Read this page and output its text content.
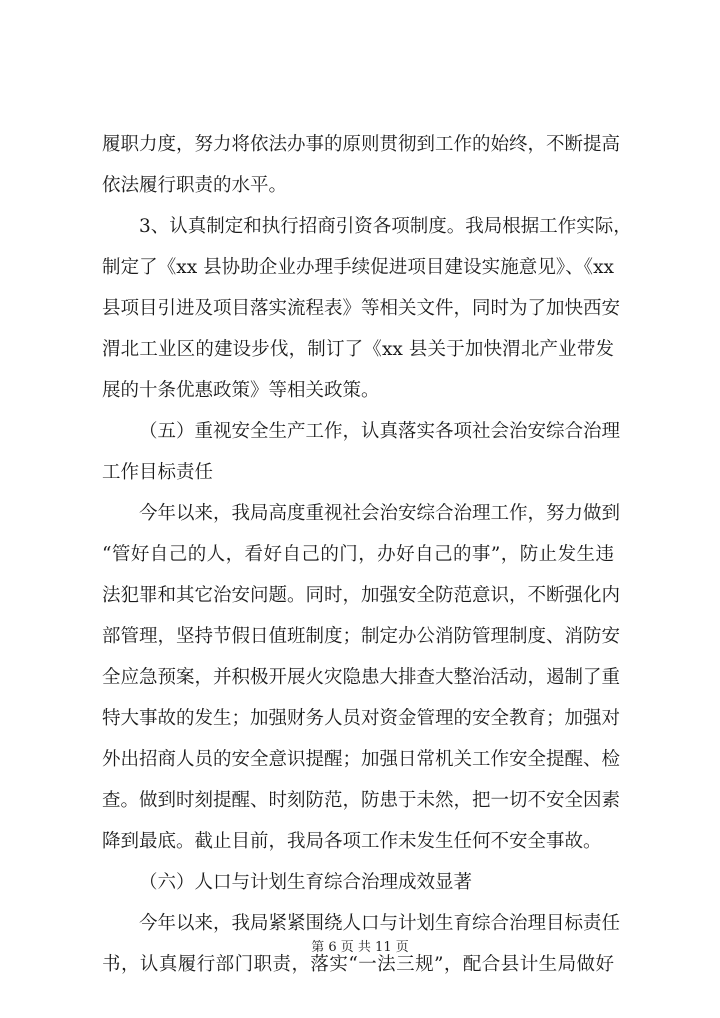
履职力度，努力将依法办事的原则贯彻到工作的始终，不断提高
依法履行职责的水平。
3、认真制定和执行招商引资各项制度。我局根据工作实际，
制定了《xx 县协助企业办理手续促进项目建设实施意见》、《xx
县项目引进及项目落实流程表》等相关文件，同时为了加快西安
渭北工业区的建设步伐，制订了《xx 县关于加快渭北产业带发
展的十条优惠政策》等相关政策。
（五）重视安全生产工作，认真落实各项社会治安综合治理
工作目标责任
今年以来，我局高度重视社会治安综合治理工作，努力做到
“管好自己的人，看好自己的门，办好自己的事”，防止发生违
法犯罪和其它治安问题。同时，加强安全防范意识，不断强化内
部管理，坚持节假日值班制度；制定办公消防管理制度、消防安
全应急预案，并积极开展火灾隐患大排查大整治活动，遏制了重
特大事故的发生；加强财务人员对资金管理的安全教育；加强对
外出招商人员的安全意识提醒；加强日常机关工作安全提醒、检
查。做到时刻提醒、时刻防范，防患于未然，把一切不安全因素
降到最底。截止目前，我局各项工作未发生任何不安全事故。
（六）人口与计划生育综合治理成效显著
今年以来，我局紧紧围绕人口与计划生育综合治理目标责任
书，认真履行部门职责，落实“一法三规”，配合县计生局做好
第 6 页 共 11 页
